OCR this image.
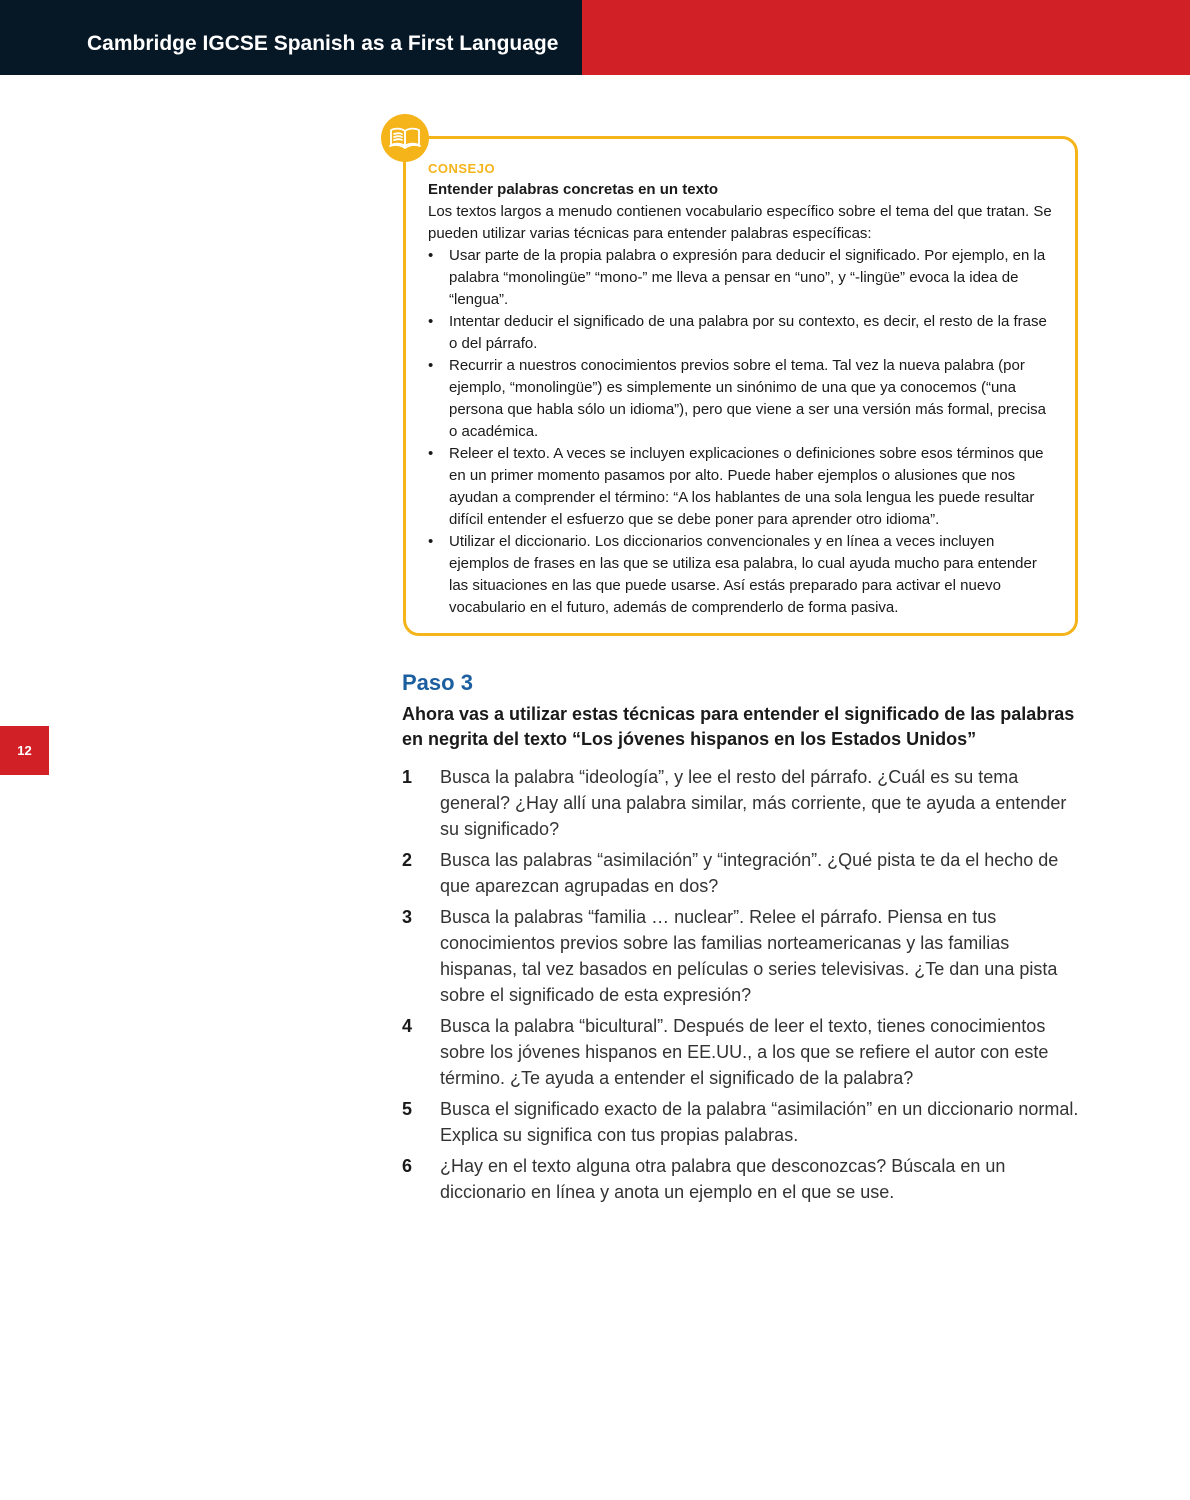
Cambridge IGCSE Spanish as a First Language
12
CONSEJO
Entender palabras concretas en un texto

Los textos largos a menudo contienen vocabulario específico sobre el tema del que tratan. Se pueden utilizar varias técnicas para entender palabras específicas:

• Usar parte de la propia palabra o expresión para deducir el significado. Por ejemplo, en la palabra “monolingüe” “mono-” me lleva a pensar en “uno”, y “-lingüe” evoca la idea de “lengua”.
• Intentar deducir el significado de una palabra por su contexto, es decir, el resto de la frase o del párrafo.
• Recurrir a nuestros conocimientos previos sobre el tema. Tal vez la nueva palabra (por ejemplo, “monolingüe”) es simplemente un sinónimo de una que ya conocemos (“una persona que habla sólo un idioma”), pero que viene a ser una versión más formal, precisa o académica.
• Releer el texto. A veces se incluyen explicaciones o definiciones sobre esos términos que en un primer momento pasamos por alto. Puede haber ejemplos o alusiones que nos ayudan a comprender el término: “A los hablantes de una sola lengua les puede resultar difícil entender el esfuerzo que se debe poner para aprender otro idioma”.
• Utilizar el diccionario. Los diccionarios convencionales y en línea a veces incluyen ejemplos de frases en las que se utiliza esa palabra, lo cual ayuda mucho para entender las situaciones en las que puede usarse. Así estás preparado para activar el nuevo vocabulario en el futuro, además de comprenderlo de forma pasiva.
Paso 3
Ahora vas a utilizar estas técnicas para entender el significado de las palabras en negrita del texto “Los jóvenes hispanos en los Estados Unidos”
1 Busca la palabra “ideología”, y lee el resto del párrafo. ¿Cuál es su tema general? ¿Hay allí una palabra similar, más corriente, que te ayuda a entender su significado?
2 Busca las palabras “asimilación” y “integración”. ¿Qué pista te da el hecho de que aparezcan agrupadas en dos?
3 Busca la palabras “familia … nuclear”. Relee el párrafo. Piensa en tus conocimientos previos sobre las familias norteamericanas y las familias hispanas, tal vez basados en películas o series televisivas. ¿Te dan una pista sobre el significado de esta expresión?
4 Busca la palabra “bicultural”. Después de leer el texto, tienes conocimientos sobre los jóvenes hispanos en EE.UU., a los que se refiere el autor con este término. ¿Te ayuda a entender el significado de la palabra?
5 Busca el significado exacto de la palabra “asimilación” en un diccionario normal. Explica su significa con tus propias palabras.
6 ¿Hay en el texto alguna otra palabra que desconozcas? Búscala en un diccionario en línea y anota un ejemplo en el que se use.
